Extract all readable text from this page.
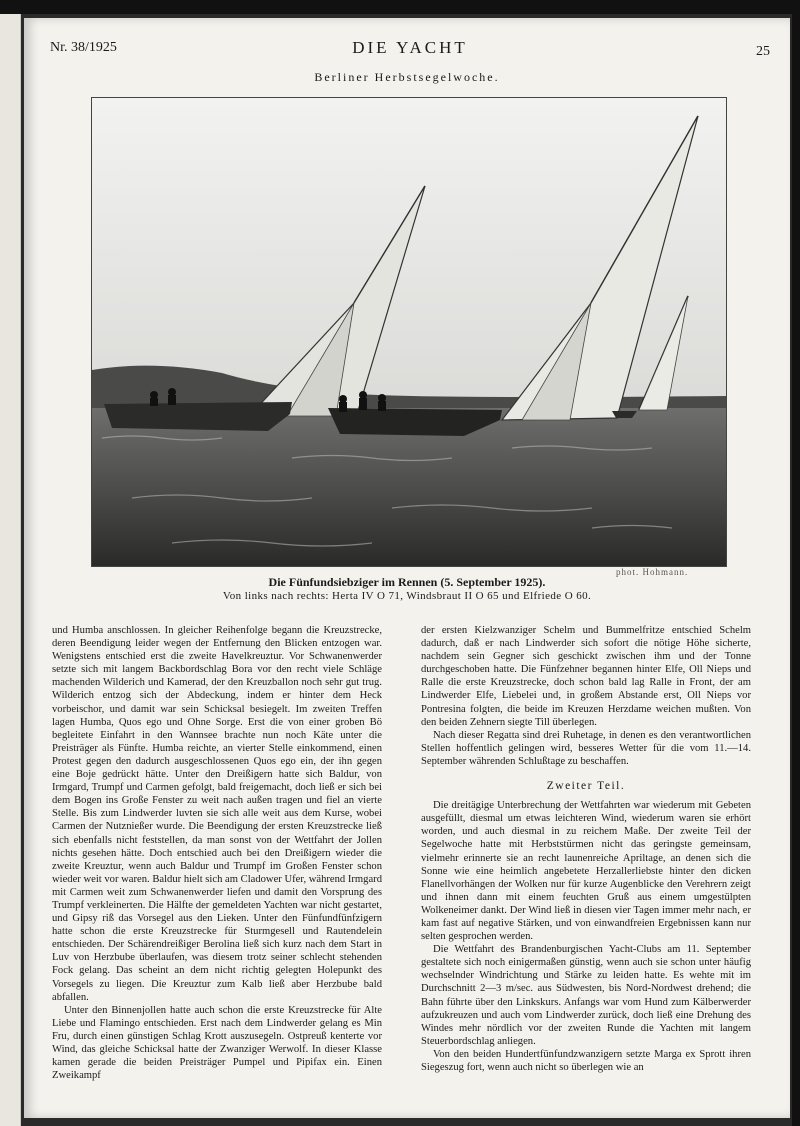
DIE YACHT
Nr. 38/1925	25
Berliner Herbstsegelwoche.
.
phot. Hohmann.
Die Fünfundsiebziger im Rennen (5. September 1925).
Von links nach rechts: Herta IV O 71, Windsbraut II O 65 und Elfriede O 60.

und Humba anschlossen. In gleicher Reihenfolge begann die Kreuzstrecke, deren Beendigung leider wegen der Entfernung den Blicken entzogen war. Wenigstens entschied erst die zweite Havelkreuztur. Vor Schwanenwerder setzte sich mit langem Backbordschlag Bora vor den recht viele Schläge machenden Wilderich und Kamerad, der den Kreuzballon noch sehr gut trug. Wilderich entzog sich der Abdeckung, indem er hinter dem Heck vorbeischor, und damit war sein Schicksal besiegelt. Im zweiten Treffen lagen Humba, Quos ego und Ohne Sorge. Erst die von einer groben Bö begleitete Einfahrt in den Wannsee brachte nun noch Käte unter die Preisträger als Fünfte. Humba reichte, an vierter Stelle einkommend, einen Protest gegen den dadurch ausgeschlossenen Quos ego ein, der ihn gegen eine Boje gedrückt hätte. Unter den Dreißigern hatte sich Baldur, von Irmgard, Trumpf und Carmen gefolgt, bald freigemacht, doch ließ er sich bei dem Bogen ins Große Fenster zu weit nach außen tragen und fiel an vierte Stelle. Bis zum Lindwerder luvten sie sich alle weit aus dem Kurse, wobei Carmen der Nutznießer wurde. Die Beendigung der ersten Kreuzstrecke ließ sich ebenfalls nicht feststellen, da man sonst von der Wettfahrt der Jollen nichts gesehen hätte. Doch entschied auch bei den Dreißigern wieder die zweite Kreuztur, wenn auch Baldur und Trumpf im Großen Fenster schon wieder weit vor waren. Baldur hielt sich am Cladower Ufer, während Irmgard mit Carmen weit zum Schwanenwerder liefen und damit den Vorsprung des Trumpf verkleinerten. Die Hälfte der gemeldeten Yachten war nicht gestartet, und Gipsy riß das Vorsegel aus den Lieken. Unter den Fünfundfünfzigern hatte schon die erste Kreuzstrecke für Sturmgesell und Rautendelein entschieden. Der Schärendreißiger Berolina ließ sich kurz nach dem Start in Luv von Herzbube überlaufen, was diesem trotz seiner schlecht stehenden Fock gelang. Das scheint an dem nicht richtig gelegten Holepunkt des Vorsegels zu liegen. Die Kreuztur zum Kalb ließ aber Herzbube bald abfallen.

Unter den Binnenjollen hatte auch schon die erste Kreuzstrecke für Alte Liebe und Flamingo entschieden. Erst nach dem Lindwerder gelang es Min Fru, durch einen günstigen Schlag Krott auszusegeln. Ostpreuß kenterte vor Wind, das gleiche Schicksal hatte der Zwanziger Werwolf. In dieser Klasse kamen gerade die beiden Preisträger Pumpel und Pipifax ein. Einen Zweikampf

der ersten Kielzwanziger Schelm und Bummelfritze entschied Schelm dadurch, daß er nach Lindwerder sich sofort die nötige Höhe sicherte, nachdem sein Gegner sich geschickt zwischen ihm und der Tonne durchgeschoben hatte. Die Fünfzehner begannen hinter Elfe, Oll Nieps und Ralle die erste Kreuzstrecke, doch schon bald lag Ralle in Front, der am Lindwerder Elfe, Liebelei und, in großem Abstande erst, Oll Nieps vor Pontresina folgten, die beide im Kreuzen Herzdame weichen mußten. Von den beiden Zehnern siegte Till überlegen.

Nach dieser Regatta sind drei Ruhetage, in denen es den verantwortlichen Stellen hoffentlich gelingen wird, besseres Wetter für die vom 11.—14. September währenden Schlußtage zu beschaffen.

Zweiter Teil.

Die dreitägige Unterbrechung der Wettfahrten war wiederum mit Gebeten ausgefüllt, diesmal um etwas leichteren Wind, wiederum waren sie erhört worden, und auch diesmal in zu reichem Maße. Der zweite Teil der Segelwoche hatte mit Herbststürmen nicht das geringste gemeinsam, vielmehr erinnerte sie an recht launenreiche Apriltage, an denen sich die Sonne wie eine heimlich angebetete Herzallerliebste hinter den dicken Flanellvorhängen der Wolken nur für kurze Augenblicke den Verehrern zeigt und ihnen dann mit einem feuchten Gruß aus einem umgestülpten Wolkeneimer dankt. Der Wind ließ in diesen vier Tagen immer mehr nach, er kam fast auf negative Stärken, und von einwandfreien Ergebnissen kann nur selten gesprochen werden.

Die Wettfahrt des Brandenburgischen Yacht-Clubs am 11. September gestaltete sich noch einigermaßen günstig, wenn auch sie schon unter häufig wechselnder Windrichtung und Stärke zu leiden hatte. Es wehte mit im Durchschnitt 2—3 m/sec. aus Südwesten, bis Nord-Nordwest drehend; die Bahn führte über den Linkskurs. Anfangs war vom Hund zum Kälberwerder aufzukreuzen und auch vom Lindwerder zurück, doch ließ eine Drehung des Windes mehr nördlich vor der zweiten Runde die Yachten mit langem Steuerbordschlag anliegen.

Von den beiden Hundertfünfundzwanzigern setzte Marga ex Sprott ihren Siegeszug fort, wenn auch nicht so überlegen wie an
